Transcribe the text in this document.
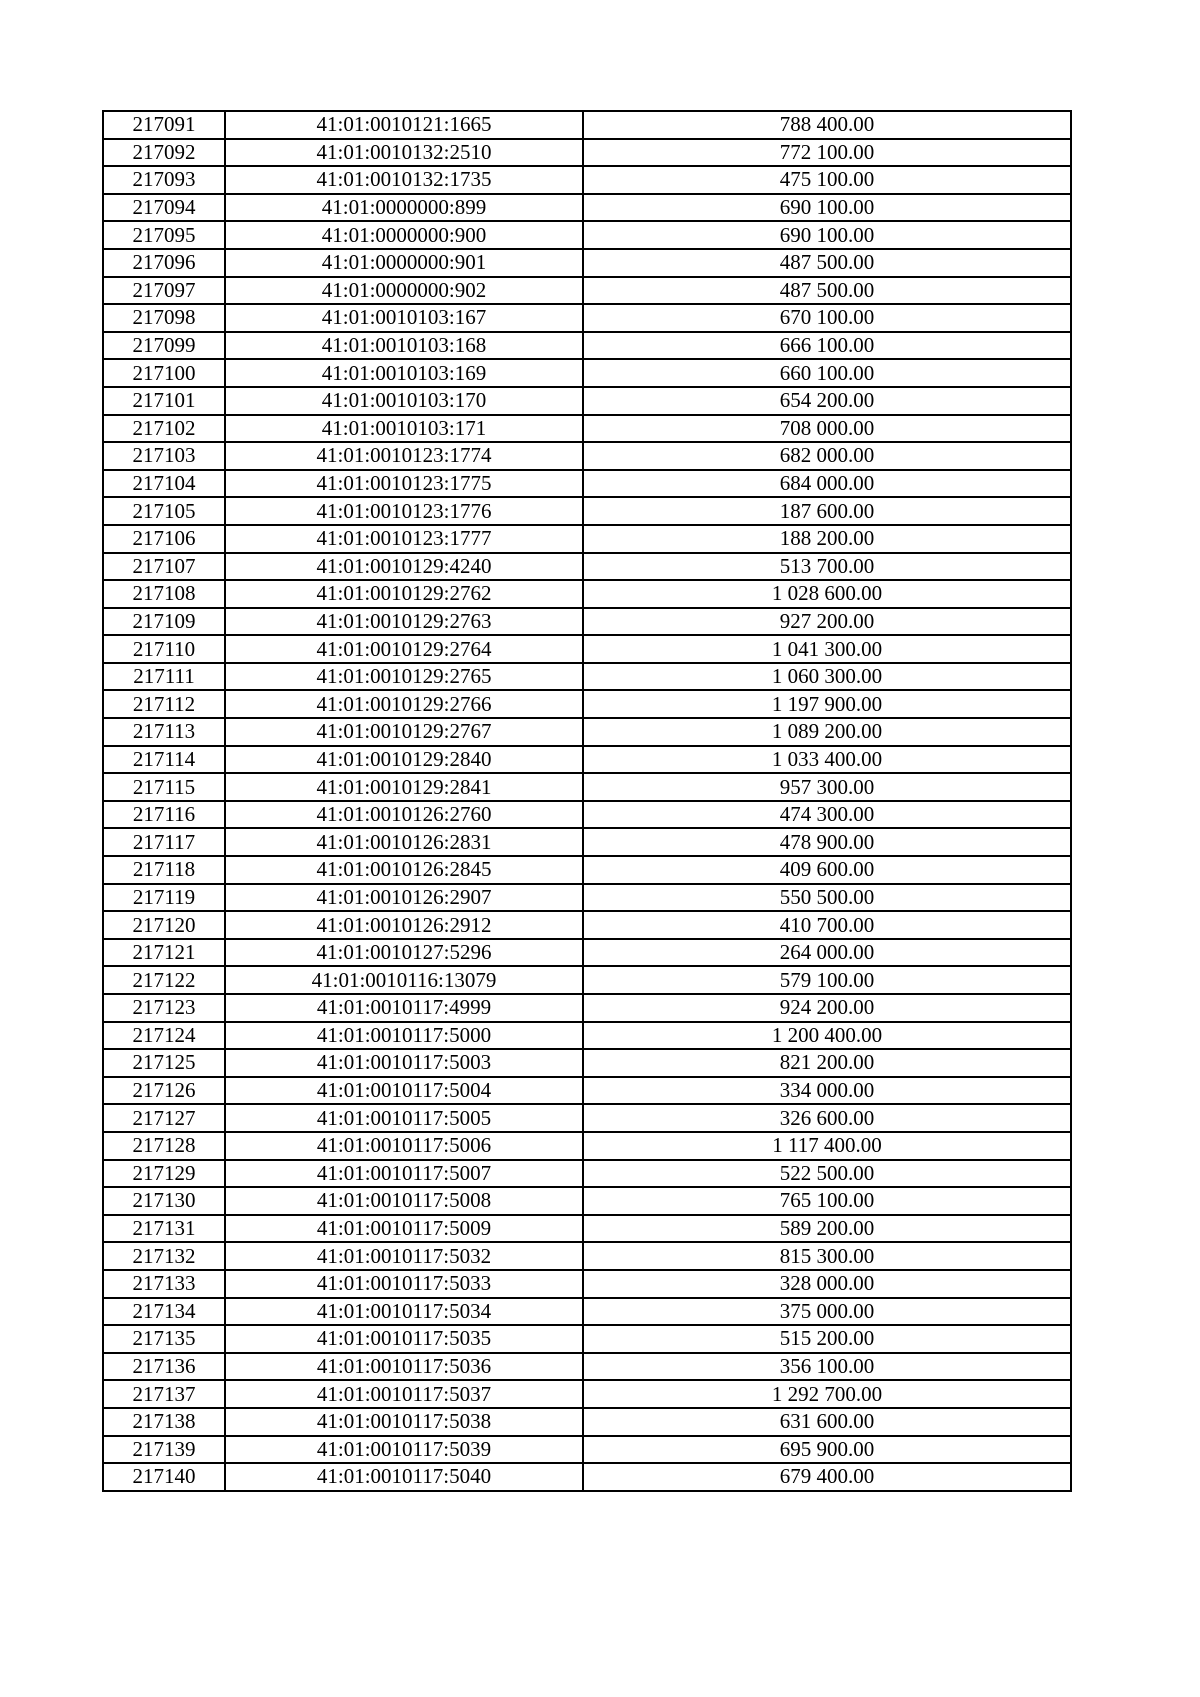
217091	41:01:0010121:1665	788 400.00
217092	41:01:0010132:2510	772 100.00
217093	41:01:0010132:1735	475 100.00
217094	41:01:0000000:899	690 100.00
217095	41:01:0000000:900	690 100.00
217096	41:01:0000000:901	487 500.00
217097	41:01:0000000:902	487 500.00
217098	41:01:0010103:167	670 100.00
217099	41:01:0010103:168	666 100.00
217100	41:01:0010103:169	660 100.00
217101	41:01:0010103:170	654 200.00
217102	41:01:0010103:171	708 000.00
217103	41:01:0010123:1774	682 000.00
217104	41:01:0010123:1775	684 000.00
217105	41:01:0010123:1776	187 600.00
217106	41:01:0010123:1777	188 200.00
217107	41:01:0010129:4240	513 700.00
217108	41:01:0010129:2762	1 028 600.00
217109	41:01:0010129:2763	927 200.00
217110	41:01:0010129:2764	1 041 300.00
217111	41:01:0010129:2765	1 060 300.00
217112	41:01:0010129:2766	1 197 900.00
217113	41:01:0010129:2767	1 089 200.00
217114	41:01:0010129:2840	1 033 400.00
217115	41:01:0010129:2841	957 300.00
217116	41:01:0010126:2760	474 300.00
217117	41:01:0010126:2831	478 900.00
217118	41:01:0010126:2845	409 600.00
217119	41:01:0010126:2907	550 500.00
217120	41:01:0010126:2912	410 700.00
217121	41:01:0010127:5296	264 000.00
217122	41:01:0010116:13079	579 100.00
217123	41:01:0010117:4999	924 200.00
217124	41:01:0010117:5000	1 200 400.00
217125	41:01:0010117:5003	821 200.00
217126	41:01:0010117:5004	334 000.00
217127	41:01:0010117:5005	326 600.00
217128	41:01:0010117:5006	1 117 400.00
217129	41:01:0010117:5007	522 500.00
217130	41:01:0010117:5008	765 100.00
217131	41:01:0010117:5009	589 200.00
217132	41:01:0010117:5032	815 300.00
217133	41:01:0010117:5033	328 000.00
217134	41:01:0010117:5034	375 000.00
217135	41:01:0010117:5035	515 200.00
217136	41:01:0010117:5036	356 100.00
217137	41:01:0010117:5037	1 292 700.00
217138	41:01:0010117:5038	631 600.00
217139	41:01:0010117:5039	695 900.00
217140	41:01:0010117:5040	679 400.00
